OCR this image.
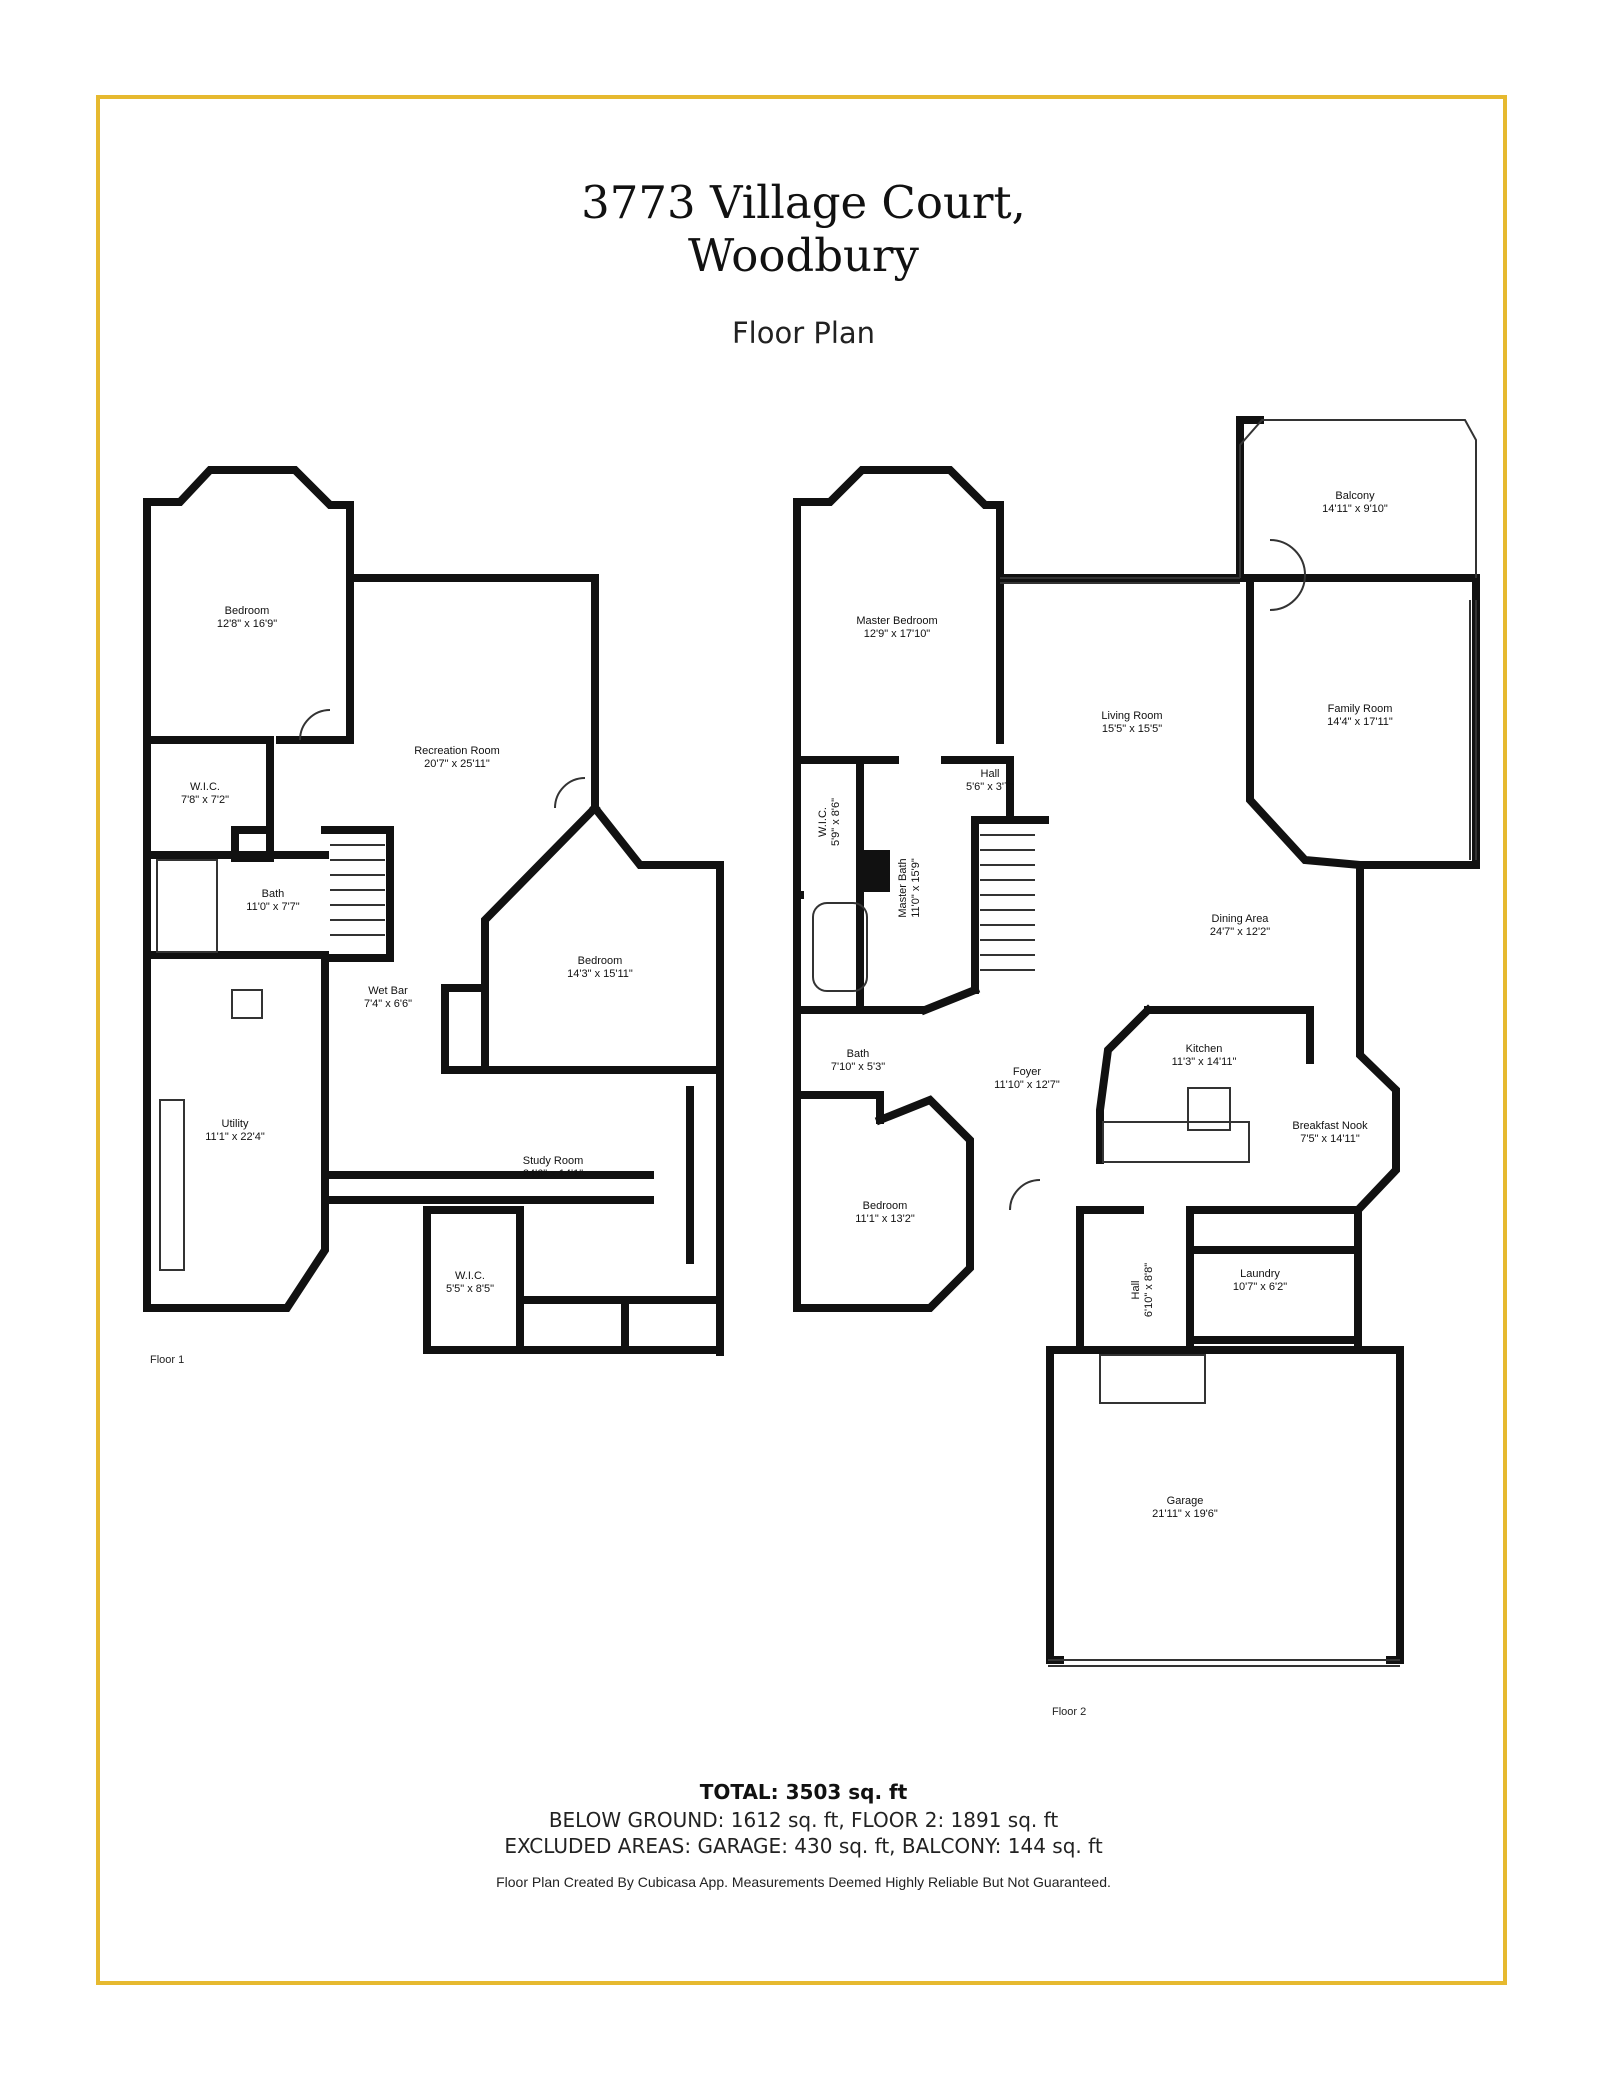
3773 Village Court,
Woodbury
Floor Plan
Floor 1
Floor 2
Bedroom
12'8" x 16'9"
Recreation Room
20'7" x 25'11"
W.I.C.
7'8" x 7'2"
Bath
11'0" x 7'7"
Bedroom
14'3" x 15'11"
Wet Bar
7'4" x 6'6"
Utility
11'1" x 22'4"
Study Room
24'6" x 14'1"
W.I.C.
5'5" x 8'5"
Balcony
14'11" x 9'10"
Master Bedroom
12'9" x 17'10"
Living Room
15'5" x 15'5"
Family Room
14'4" x 17'11"
Hall
5'6" x 3'7"
W.I.C. 5'9" x 8'6"
Master Bath 11'0" x 15'9"
Dining Area
24'7" x 12'2"
Bath
7'10" x 5'3"
Kitchen
11'3" x 14'11"
Foyer
11'10" x 12'7"
Breakfast Nook
7'5" x 14'11"
Bedroom
11'1" x 13'2"
Hall 6'10" x 8'8"	Laundry
10'7" x 6'2"
Garage
21'11" x 19'6"
TOTAL: 3503 sq. ft
BELOW GROUND: 1612 sq. ft, FLOOR 2: 1891 sq. ft
EXCLUDED AREAS: GARAGE: 430 sq. ft, BALCONY: 144 sq. ft
Floor Plan Created By Cubicasa App. Measurements Deemed Highly Reliable But Not Guaranteed.
